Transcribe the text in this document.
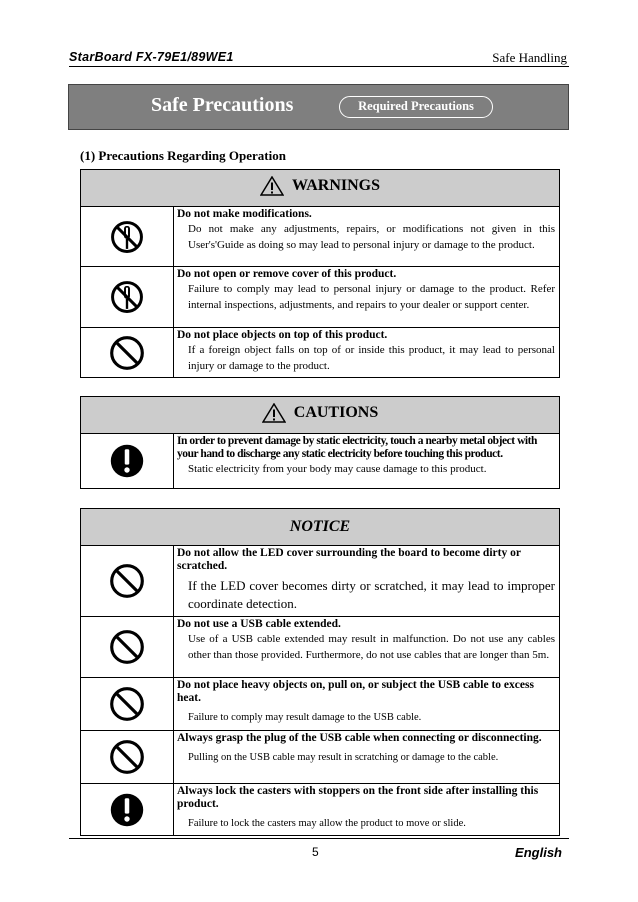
StarBoard FX-79E1/89WE1	Safe Handling
Safe Precautions	Required Precautions
(1) Precautions Regarding Operation
WARNINGS	

Do not make modifications.
Do not make any adjustments, repairs, or modifications not given in this User's'Guide as doing so may lead to personal injury or damage to the product.

Do not open or remove cover of this product.
Failure to comply may lead to personal injury or damage to the product. Refer internal inspections, adjustments, and repairs to your dealer or support center.

Do not place objects on top of this product.
If a foreign object falls on top of or inside this product, it may lead to personal injury or damage to the product.
CAUTIONS

In order to prevent damage by static electricity, touch a nearby metal object with your hand to discharge any static electricity before touching this product.
Static electricity from your body may cause damage to this product.
NOTICE	

Do not allow the LED cover surrounding the board to become dirty or scratched.
If the LED cover becomes dirty or scratched, it may lead to improper coordinate detection.

Do not use a USB cable extended.
Use of a USB cable extended may result in malfunction. Do not use any cables other than those provided. Furthermore, do not use cables that are longer than 5m.

Do not place heavy objects on, pull on, or subject the USB cable to excess heat.
Failure to comply may result damage to the USB cable.

Always grasp the plug of the USB cable when connecting or disconnecting.
Pulling on the USB cable may result in scratching or damage to the cable.

Always lock the casters with stoppers on the front side after installing this product.
Failure to lock the casters may allow the product to move or slide.
5	English
